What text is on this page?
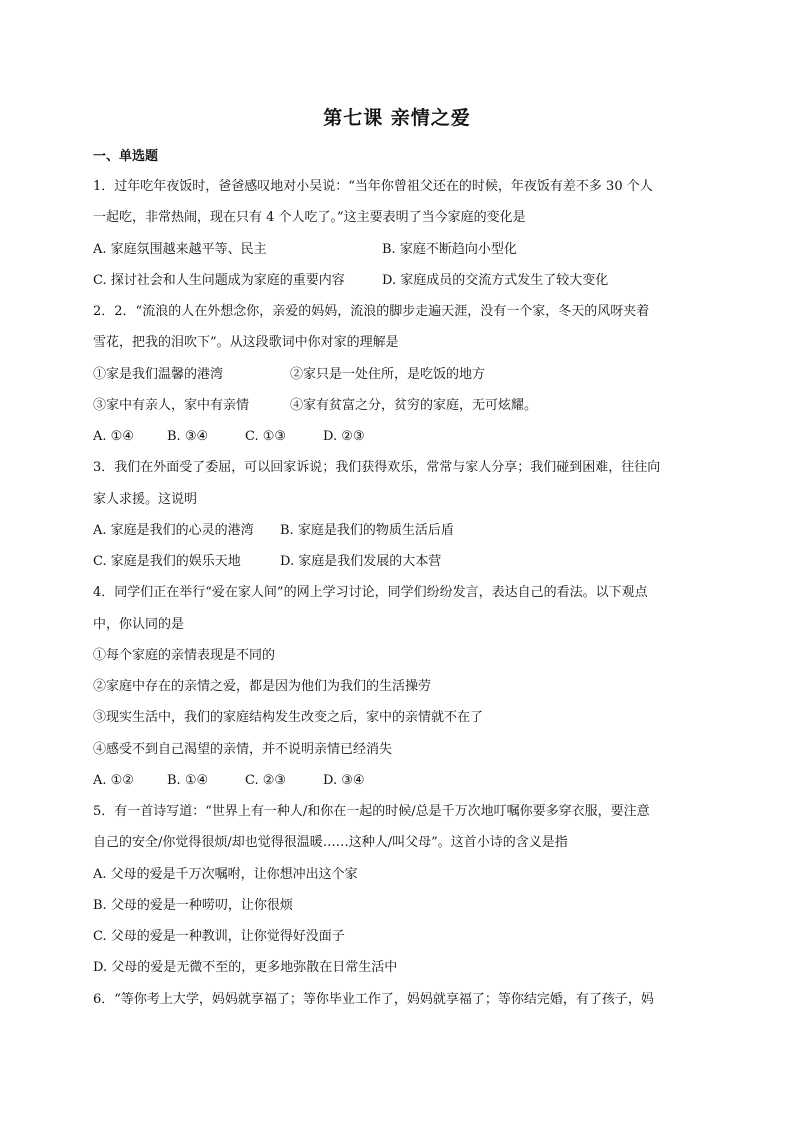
第七课 亲情之爱
一、单选题
1．过年吃年夜饭时，爸爸感叹地对小吴说：“当年你曾祖父还在的时候，年夜饭有差不多 30 个人
一起吃，非常热闹，现在只有 4 个人吃了。”这主要表明了当今家庭的变化是
A. 家庭氛围越来越平等、民主	B. 家庭不断趋向小型化
C. 探讨社会和人生问题成为家庭的重要内容	D. 家庭成员的交流方式发生了较大变化
2．2．“流浪的人在外想念你，亲爱的妈妈，流浪的脚步走遍天涯，没有一个家，冬天的风呀夹着
雪花，把我的泪吹下”。从这段歌词中你对家的理解是
①家是我们温馨的港湾	②家只是一处住所，是吃饭的地方
③家中有亲人，家中有亲情	④家有贫富之分，贫穷的家庭，无可炫耀。
A. ①④	B. ③④	C. ①③	D. ②③
3．我们在外面受了委屈，可以回家诉说；我们获得欢乐，常常与家人分享；我们碰到困难，往往向
家人求援。这说明
A. 家庭是我们的心灵的港湾	B. 家庭是我们的物质生活后盾
C. 家庭是我们的娱乐天地	D. 家庭是我们发展的大本营
4．同学们正在举行“爱在家人间”的网上学习讨论，同学们纷纷发言，表达自己的看法。以下观点
中，你认同的是
①每个家庭的亲情表现是不同的
②家庭中存在的亲情之爱，都是因为他们为我们的生活操劳
③现实生活中，我们的家庭结构发生改变之后，家中的亲情就不在了
④感受不到自己渴望的亲情，并不说明亲情已经消失
A. ①②	B. ①④	C. ②③	D. ③④
5．有一首诗写道：“世界上有一种人/和你在一起的时候/总是千万次地叮嘱你要多穿衣服，要注意
自己的安全/你觉得很烦/却也觉得很温暖……这种人/叫父母”。这首小诗的含义是指
A. 父母的爱是千万次嘱咐，让你想冲出这个家
B. 父母的爱是一种唠叨，让你很烦
C. 父母的爱是一种教训，让你觉得好没面子
D. 父母的爱是无微不至的，更多地弥散在日常生活中
6．“等你考上大学，妈妈就享福了；等你毕业工作了，妈妈就享福了；等你结完婚，有了孩子，妈
